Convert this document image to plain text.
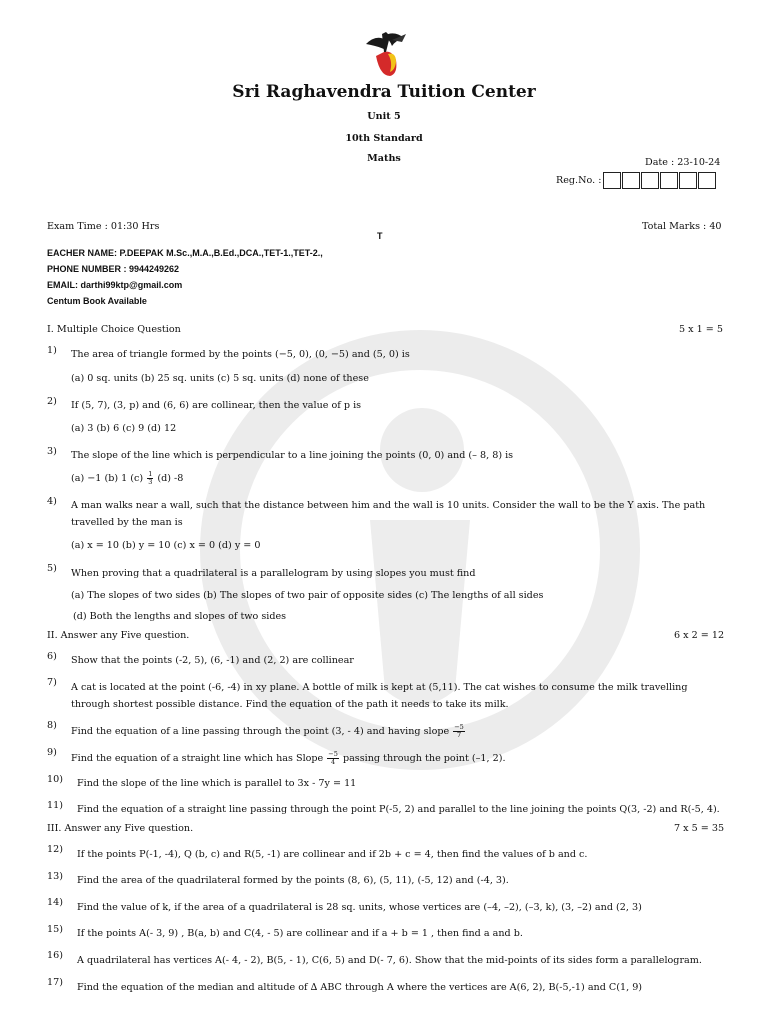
Sri Raghavendra Tuition Center
Unit 5
10th Standard
Maths	Date : 23-10-24
Reg.No. :
Exam Time : 01:30 Hrs	Total Marks : 40
T
EACHER NAME: P.DEEPAK M.Sc.,M.A.,B.Ed.,DCA.,TET-1.,TET-2.,
PHONE NUMBER : 9944249262
EMAIL: darthi99ktp@gmail.com
Centum Book Available
I. Multiple Choice Question	5 x 1 = 5
1) The area of triangle formed by the points (−5, 0), (0, −5) and (5, 0) is
(a) 0 sq. units (b) 25 sq. units (c) 5 sq. units (d) none of these
2) If (5, 7), (3, p) and (6, 6) are collinear, then the value of p is
(a) 3 (b) 6 (c) 9 (d) 12
3) The slope of the line which is perpendicular to a line joining the points (0, 0) and (– 8, 8) is
(a) −1 (b) 1 $(c) \frac{1}{3} (d)$ -8
4) A man walks near a wall, such that the distance between him and the wall is 10 units. Consider the wall to be the Y axis. The path
travelled by the man is
(a) x = 10 (b) y = 10 (c) x = 0 (d) y = 0
5) When proving that a quadrilateral is a parallelogram by using slopes you must find
(a) The slopes of two sides (b) The slopes of two pair of opposite sides (c) The lengths of all sides
(d) Both the lengths and slopes of two sides
II. Answer any Five question.	6 x 2 = 12
6) Show that the points (-2, 5), (6, -1) and (2, 2) are collinear
7) A cat is located at the point (-6, -4) in xy plane. A bottle of milk is kept at (5,11). The cat wishes to consume the milk travelling
through shortest possible distance. Find the equation of the path it needs to take its milk.
8)
Find the equation of a line passing through the point (3, - 4) and having slope $\frac{-5}{7}$
9)
Find the equation of a straight line which has Slope $\frac{-5}{4}$ passing through the point (–1, 2).
10) Find the slope of the line which is parallel to 3x - 7y = 11
11) Find the equation of a straight line passing through the point P(-5, 2) and parallel to the line joining the points Q(3, -2) and R(-5, 4).
III. Answer any Five question.	7 x 5 = 35
12) If the points P(-1, -4), Q (b, c) and R(5, -1) are collinear and if 2b + c = 4, then find the values of b and c.
13) Find the area of the quadrilateral formed by the points (8, 6), (5, 11), (-5, 12) and (-4, 3).
14) Find the value of k, if the area of a quadrilateral is 28 sq. units, whose vertices are (–4, –2), (–3, k), (3, –2) and (2, 3)
15) If the points A(- 3, 9) , B(a, b) and C(4, - 5) are collinear and if a + b = 1 , then find a and b.
16) A quadrilateral has vertices A(- 4, - 2), B(5, - 1), C(6, 5) and D(- 7, 6). Show that the mid-points of its sides form a parallelogram.
17) Find the equation of the median and altitude of ∆ ABC through A where the vertices are A(6, 2), B(-5,-1) and C(1, 9)
